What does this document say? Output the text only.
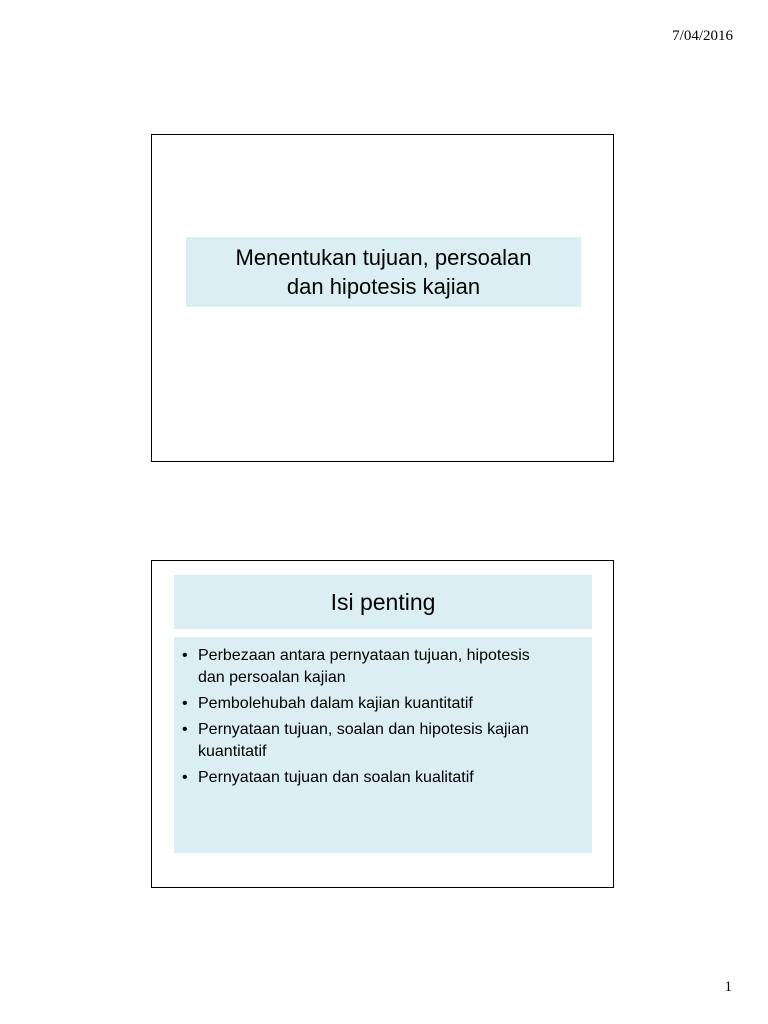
7/04/2016
Menentukan tujuan, persoalan
dan hipotesis kajian
Isi penting
• Perbezaan antara pernyataan tujuan, hipotesis
dan persoalan kajian
• Pembolehubah dalam kajian kuantitatif
• Pernyataan tujuan, soalan dan hipotesis kajian
kuantitatif
• Pernyataan tujuan dan soalan kualitatif
1
